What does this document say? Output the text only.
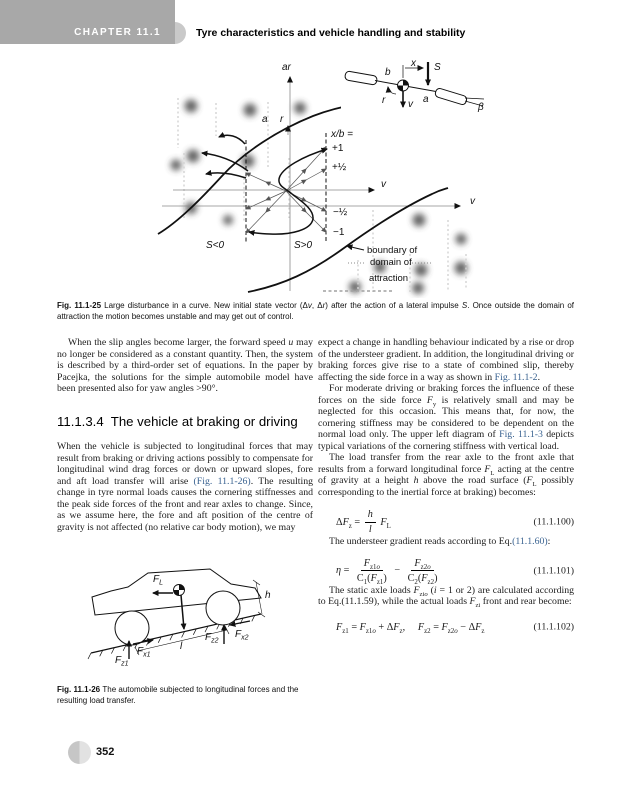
CHAPTER 11.1	Tyre characteristics and vehicle handling and stability
ar
a r
v
v
x/b =
+1
+½
−½
−1
S<0	S>0	boundary of
domain of
attraction
b
x S
a
r v	β
Fig. 11.1-25 Large disturbance in a curve. New initial state vector (Δv, Δr) after the action of a lateral impulse S. Once outside the domain of attraction the motion becomes unstable and may get out of control.

When the slip angles become larger, the forward speed u may no longer be considered as a constant quantity. Then, the system is described by a third-order set of equations. In the paper by Pacejka, the solutions for the simple automobile model have been presented also for yaw angles >90°.

11.1.3.4  The vehicle at braking or driving

When the vehicle is subjected to longitudinal forces that may result from braking or driving actions possibly to compensate for longitudinal wind drag forces or down or upward slopes, fore and aft load transfer will arise (Fig. 11.1-26). The resulting change in tyre normal loads causes the cornering stiffnesses and the peak side forces of the front and rear axles to change. Since, as we assume here, the fore and aft position of the centre of gravity is not affected (no relative car body motion), we may

$F_L$
h
$F_{z1}$
$F_{x1}$
$F_{z2}$
$F_{x2}$
l
Fig. 11.1-26 The automobile subjected to longitudinal forces and the resulting load transfer.

expect a change in handling behaviour indicated by a rise or drop of the understeer gradient. In addition, the longitudinal driving or braking forces give rise to a state of combined slip, thereby affecting the side force in a way as shown in Fig. 11.1-2.

For moderate driving or braking forces the influence of these forces on the side force $F_y$ is relatively small and may be neglected for this occasion. This means that, for now, the cornering stiffness may be considered to be dependent on the normal load only. The upper left diagram of Fig. 11.1-3 depicts typical variations of the cornering stiffness with vertical load.

The load transfer from the rear axle to the front axle that results from a forward longitudinal force $F_L$ acting at the centre of gravity at a height h above the road surface ($F_L$ possibly corresponding to the inertial force at braking) becomes:

$\Delta F_z = \frac{h}{l} F_L$	(11.1.100)

The understeer gradient reads according to Eq.(11.1.60):

$\eta = \frac{F_{z1o}}{C_1(F_{z1})} - \frac{F_{z2o}}{C_2(F_{z2})}$	(11.1.101)

The static axle loads $F_{zio}$ (i = 1 or 2) are calculated according to Eq.(11.1.59), while the actual loads $F_{zi}$ front and rear become:

$F_{z1} = F_{z1o} + \Delta F_z$,  $F_{z2} = F_{z2o} - \Delta F_z$	(11.1.102)
352
